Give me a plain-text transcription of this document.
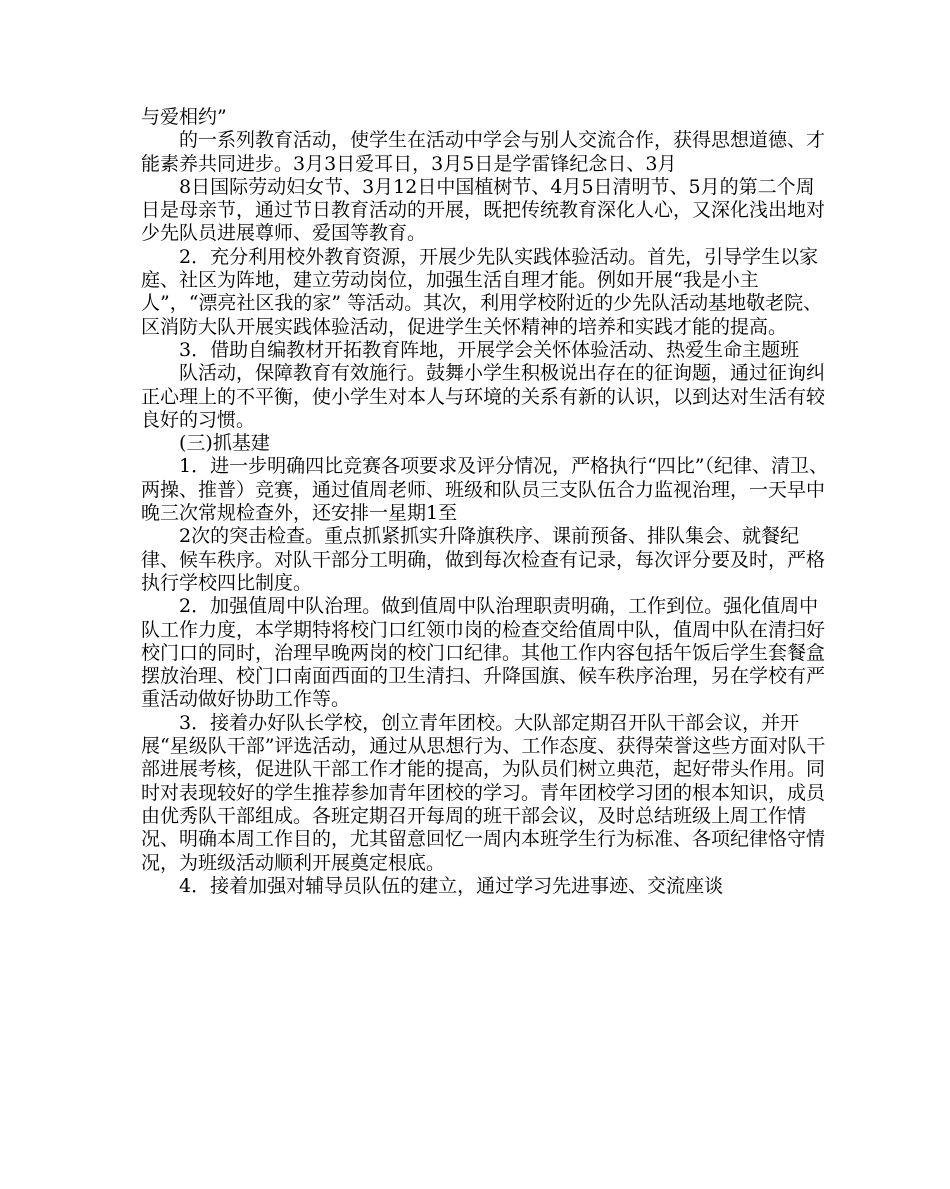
与爱相约”

的一系列教育活动，使学生在活动中学会与别人交流合作，获得思想道德、才能素养共同进步。3月3日爱耳日，3月5日是学雷锋纪念日、3月

8日国际劳动妇女节、3月12日中国植树节、4月5日清明节、5月的第二个周日是母亲节，通过节日教育活动的开展，既把传统教育深化人心，又深化浅出地对少先队员进展尊师、爱国等教育。

2．充分利用校外教育资源，开展少先队实践体验活动。首先，引导学生以家庭、社区为阵地，建立劳动岗位，加强生活自理才能。例如开展“我是小主人”，“漂亮社区我的家” 等活动。其次，利用学校附近的少先队活动基地敬老院、区消防大队开展实践体验活动，促进学生关怀精神的培养和实践才能的提高。

3．借助自编教材开拓教育阵地，开展学会关怀体验活动、热爱生命主题班

队活动，保障教育有效施行。鼓舞小学生积极说出存在的征询题，通过征询纠正心理上的不平衡，使小学生对本人与环境的关系有新的认识，以到达对生活有较良好的习惯。

(三)抓基建

1．进一步明确四比竞赛各项要求及评分情况，严格执行“四比”（纪律、清卫、两操、推普）竞赛，通过值周老师、班级和队员三支队伍合力监视治理，一天早中晚三次常规检查外，还安排一星期1至

2次的突击检查。重点抓紧抓实升降旗秩序、课前预备、排队集会、就餐纪律、候车秩序。对队干部分工明确，做到每次检查有记录，每次评分要及时，严格执行学校四比制度。

2．加强值周中队治理。做到值周中队治理职责明确，工作到位。强化值周中队工作力度，本学期特将校门口红领巾岗的检查交给值周中队，值周中队在清扫好校门口的同时，治理早晚两岗的校门口纪律。其他工作内容包括午饭后学生套餐盒摆放治理、校门口南面西面的卫生清扫、升降国旗、候车秩序治理，另在学校有严重活动做好协助工作等。

3．接着办好队长学校，创立青年团校。大队部定期召开队干部会议，并开展“星级队干部”评选活动，通过从思想行为、工作态度、获得荣誉这些方面对队干部进展考核，促进队干部工作才能的提高，为队员们树立典范，起好带头作用。同时对表现较好的学生推荐参加青年团校的学习。青年团校学习团的根本知识，成员由优秀队干部组成。各班定期召开每周的班干部会议，及时总结班级上周工作情况、明确本周工作目的，尤其留意回忆一周内本班学生行为标准、各项纪律恪守情况，为班级活动顺利开展奠定根底。

4．接着加强对辅导员队伍的建立，通过学习先进事迹、交流座谈
